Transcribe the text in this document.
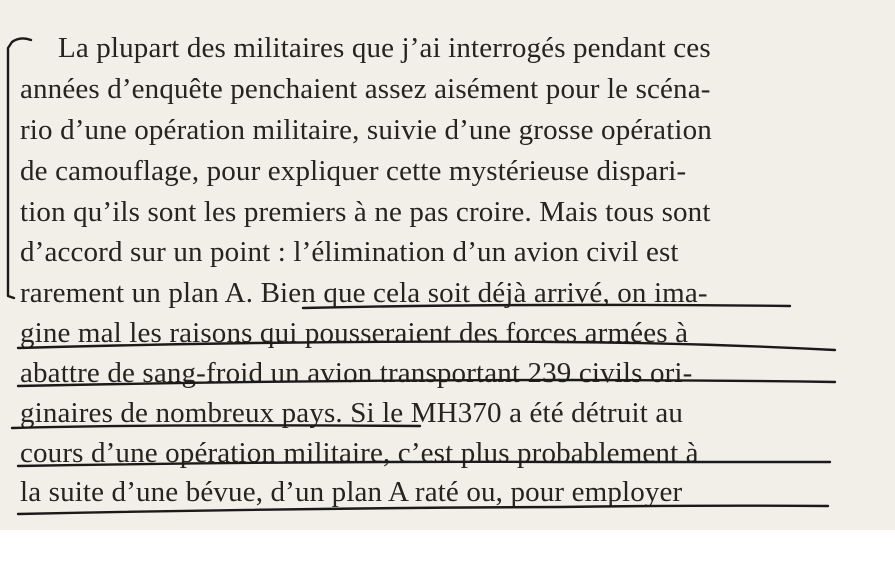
La plupart des militaires que j’ai interrogés pendant ces
années d’enquête penchaient assez aisément pour le scéna-
rio d’une opération militaire, suivie d’une grosse opération
de camouflage, pour expliquer cette mystérieuse dispari-
tion qu’ils sont les premiers à ne pas croire. Mais tous sont
d’accord sur un point : l’élimination d’un avion civil est
rarement un plan A. Bien que cela soit déjà arrivé, on ima-
gine mal les raisons qui pousseraient des forces armées à
abattre de sang-froid un avion transportant 239 civils ori-
ginaires de nombreux pays. Si le MH370 a été détruit au
cours d’une opération militaire, c’est plus probablement à
la suite d’une bévue, d’un plan A raté ou, pour employer
